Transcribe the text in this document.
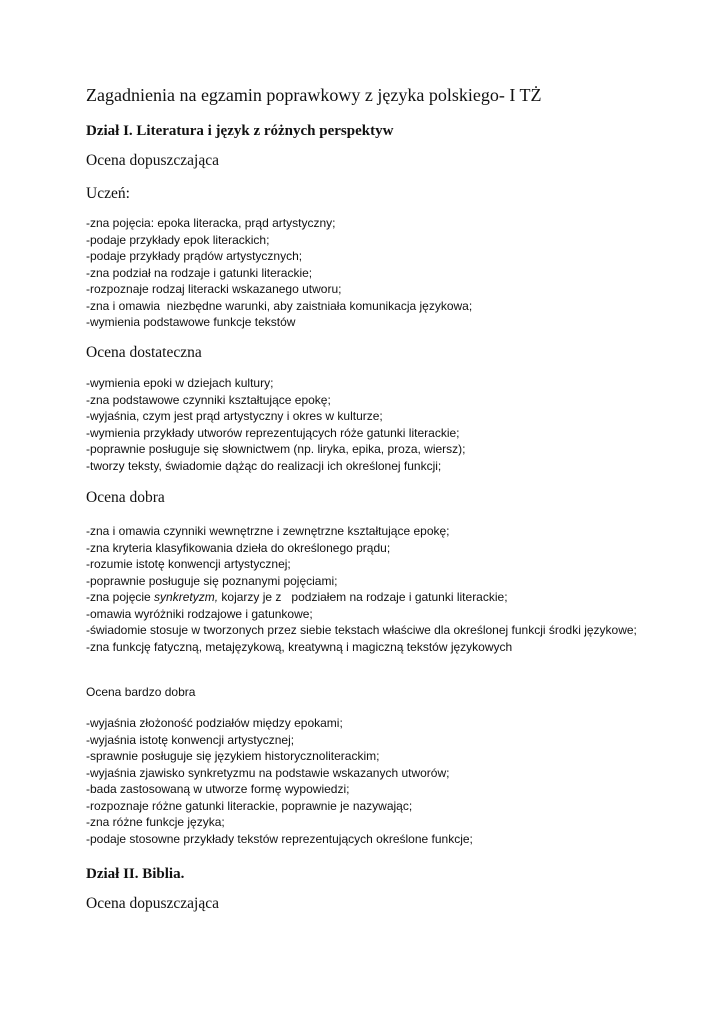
Zagadnienia na egzamin poprawkowy z języka polskiego- I TŻ
Dział I. Literatura i język z różnych perspektyw
Ocena dopuszczająca
Uczeń:
-zna pojęcia: epoka literacka, prąd artystyczny;
-podaje przykłady epok literackich;
-podaje przykłady prądów artystycznych;
-zna podział na rodzaje i gatunki literackie;
-rozpoznaje rodzaj literacki wskazanego utworu;
-zna i omawia  niezbędne warunki, aby zaistniała komunikacja językowa;
-wymienia podstawowe funkcje tekstów
Ocena dostateczna
-wymienia epoki w dziejach kultury;
-zna podstawowe czynniki kształtujące epokę;
-wyjaśnia, czym jest prąd artystyczny i okres w kulturze;
-wymienia przykłady utworów reprezentujących róże gatunki literackie;
-poprawnie posługuje się słownictwem (np. liryka, epika, proza, wiersz);
-tworzy teksty, świadomie dążąc do realizacji ich określonej funkcji;
Ocena dobra
-zna i omawia czynniki wewnętrzne i zewnętrzne kształtujące epokę;
-zna kryteria klasyfikowania dzieła do określonego prądu;
-rozumie istotę konwencji artystycznej;
-poprawnie posługuje się poznanymi pojęciami;
-zna pojęcie synkretyzm, kojarzy je z   podziałem na rodzaje i gatunki literackie;
-omawia wyróżniki rodzajowe i gatunkowe;
-świadomie stosuje w tworzonych przez siebie tekstach właściwe dla określonej funkcji środki językowe;
-zna funkcję fatyczną, metajęzykową, kreatywną i magiczną tekstów językowych
Ocena bardzo dobra
-wyjaśnia złożoność podziałów między epokami;
-wyjaśnia istotę konwencji artystycznej;
-sprawnie posługuje się językiem historycznoliterackim;
-wyjaśnia zjawisko synkretyzmu na podstawie wskazanych utworów;
-bada zastosowaną w utworze formę wypowiedzi;
-rozpoznaje różne gatunki literackie, poprawnie je nazywając;
-zna różne funkcje języka;
-podaje stosowne przykłady tekstów reprezentujących określone funkcje;
Dział II. Biblia.
Ocena dopuszczająca
